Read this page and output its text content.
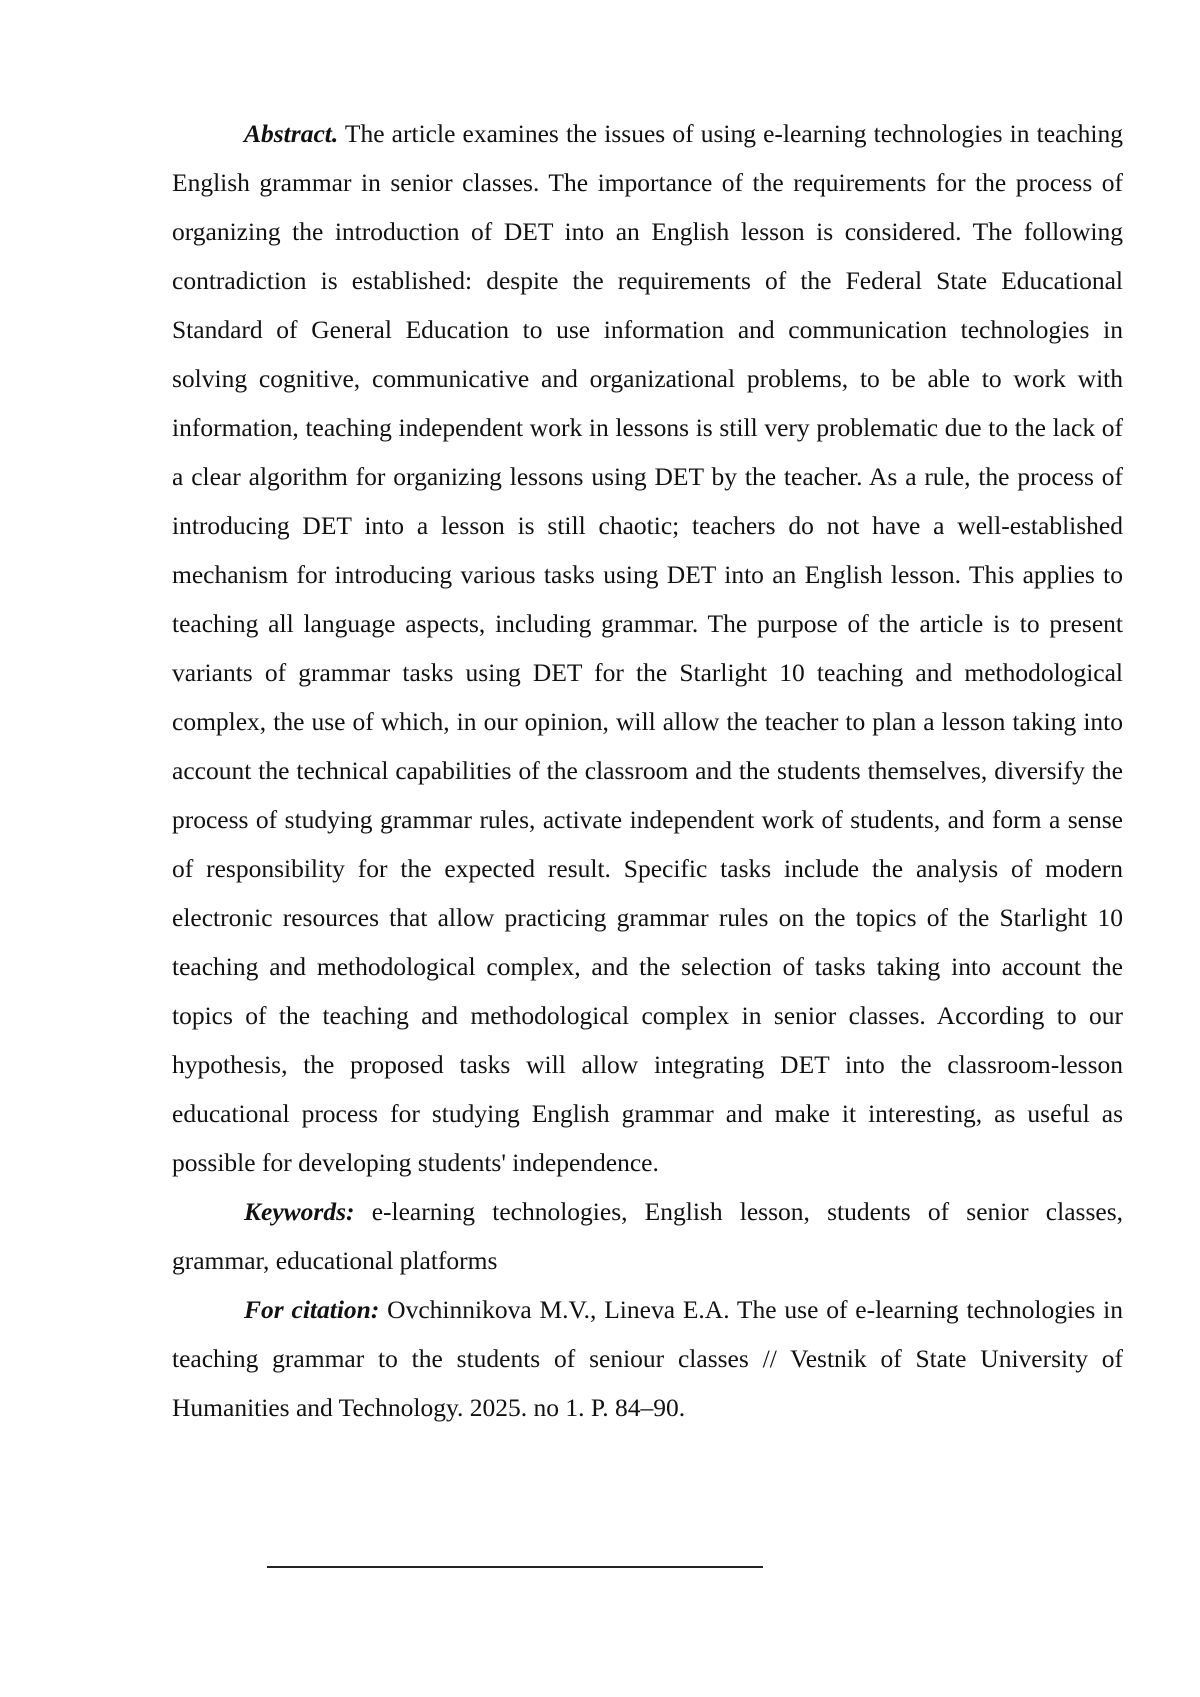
Abstract. The article examines the issues of using e-learning technologies in teaching English grammar in senior classes. The importance of the requirements for the process of organizing the introduction of DET into an English lesson is considered. The following contradiction is established: despite the requirements of the Federal State Educational Standard of General Education to use information and communication technologies in solving cognitive, communicative and organizational problems, to be able to work with information, teaching independent work in lessons is still very problematic due to the lack of a clear algorithm for organizing lessons using DET by the teacher. As a rule, the process of introducing DET into a lesson is still chaotic; teachers do not have a well-established mechanism for introducing various tasks using DET into an English lesson. This applies to teaching all language aspects, including grammar. The purpose of the article is to present variants of grammar tasks using DET for the Starlight 10 teaching and methodological complex, the use of which, in our opinion, will allow the teacher to plan a lesson taking into account the technical capabilities of the classroom and the students themselves, diversify the process of studying grammar rules, activate independent work of students, and form a sense of responsibility for the expected result. Specific tasks include the analysis of modern electronic resources that allow practicing grammar rules on the topics of the Starlight 10 teaching and methodological complex, and the selection of tasks taking into account the topics of the teaching and methodological complex in senior classes. According to our hypothesis, the proposed tasks will allow integrating DET into the classroom-lesson educational process for studying English grammar and make it interesting, as useful as possible for developing students' independence.

Keywords: e-learning technologies, English lesson, students of senior classes, grammar, educational platforms

For citation: Ovchinnikova M.V., Lineva E.A. The use of e-learning technologies in teaching grammar to the students of seniour classes // Vestnik of State University of Humanities and Technology. 2025. no 1. P. 84–90.
